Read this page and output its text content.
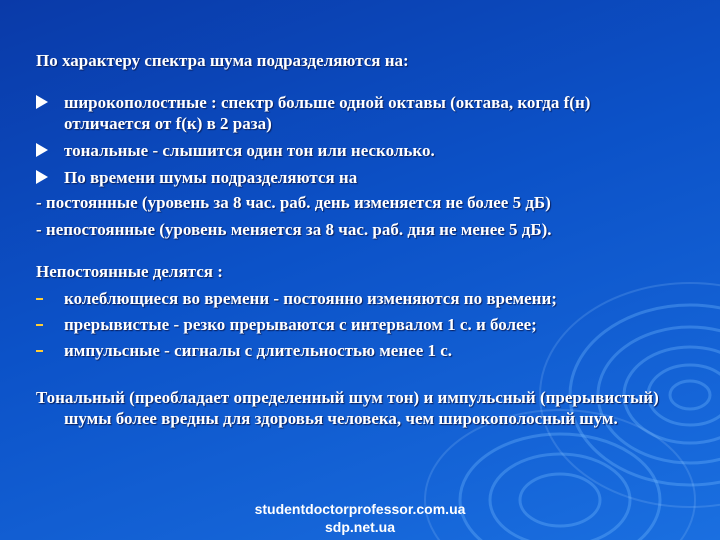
По характеру спектра шума подразделяются на:

широкополостные : спектр больше одной октавы (октава, когда f(н) отличается от f(к) в 2 раза)
тональные - слышится один тон или несколько.
По времени шумы подразделяются на

- постоянные (уровень за 8 час. раб. день изменяется не более 5 дБ)

- непостоянные (уровень меняется за 8 час. раб. дня не менее 5 дБ).

Непостоянные делятся :

колеблющиеся во времени - постоянно изменяются по времени;
прерывистые - резко прерываются с интервалом 1 с. и более;
импульсные - сигналы с длительностью менее 1 с.

Тональный (преобладает определенный шум тон) и импульсный (прерывистый) шумы более вредны для здоровья человека, чем широкополосный шум.

studentdoctorprofessor.com.ua
sdp.net.ua
